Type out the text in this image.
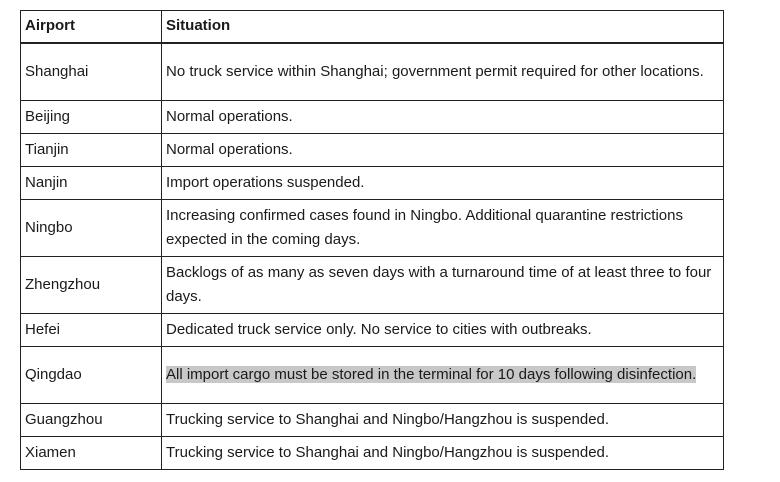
Airport	Situation
Shanghai	No truck service within Shanghai; government permit required for other locations.
Beijing	Normal operations.
Tianjin	Normal operations.
Nanjin	Import operations suspended.
Ningbo	Increasing confirmed cases found in Ningbo. Additional quarantine restrictions expected in the coming days.
Zhengzhou	Backlogs of as many as seven days with a turnaround time of at least three to four days.
Hefei	Dedicated truck service only. No service to cities with outbreaks.
Qingdao	All import cargo must be stored in the terminal for 10 days following disinfection.
Guangzhou	Trucking service to Shanghai and Ningbo/Hangzhou is suspended.
Xiamen	Trucking service to Shanghai and Ningbo/Hangzhou is suspended.
